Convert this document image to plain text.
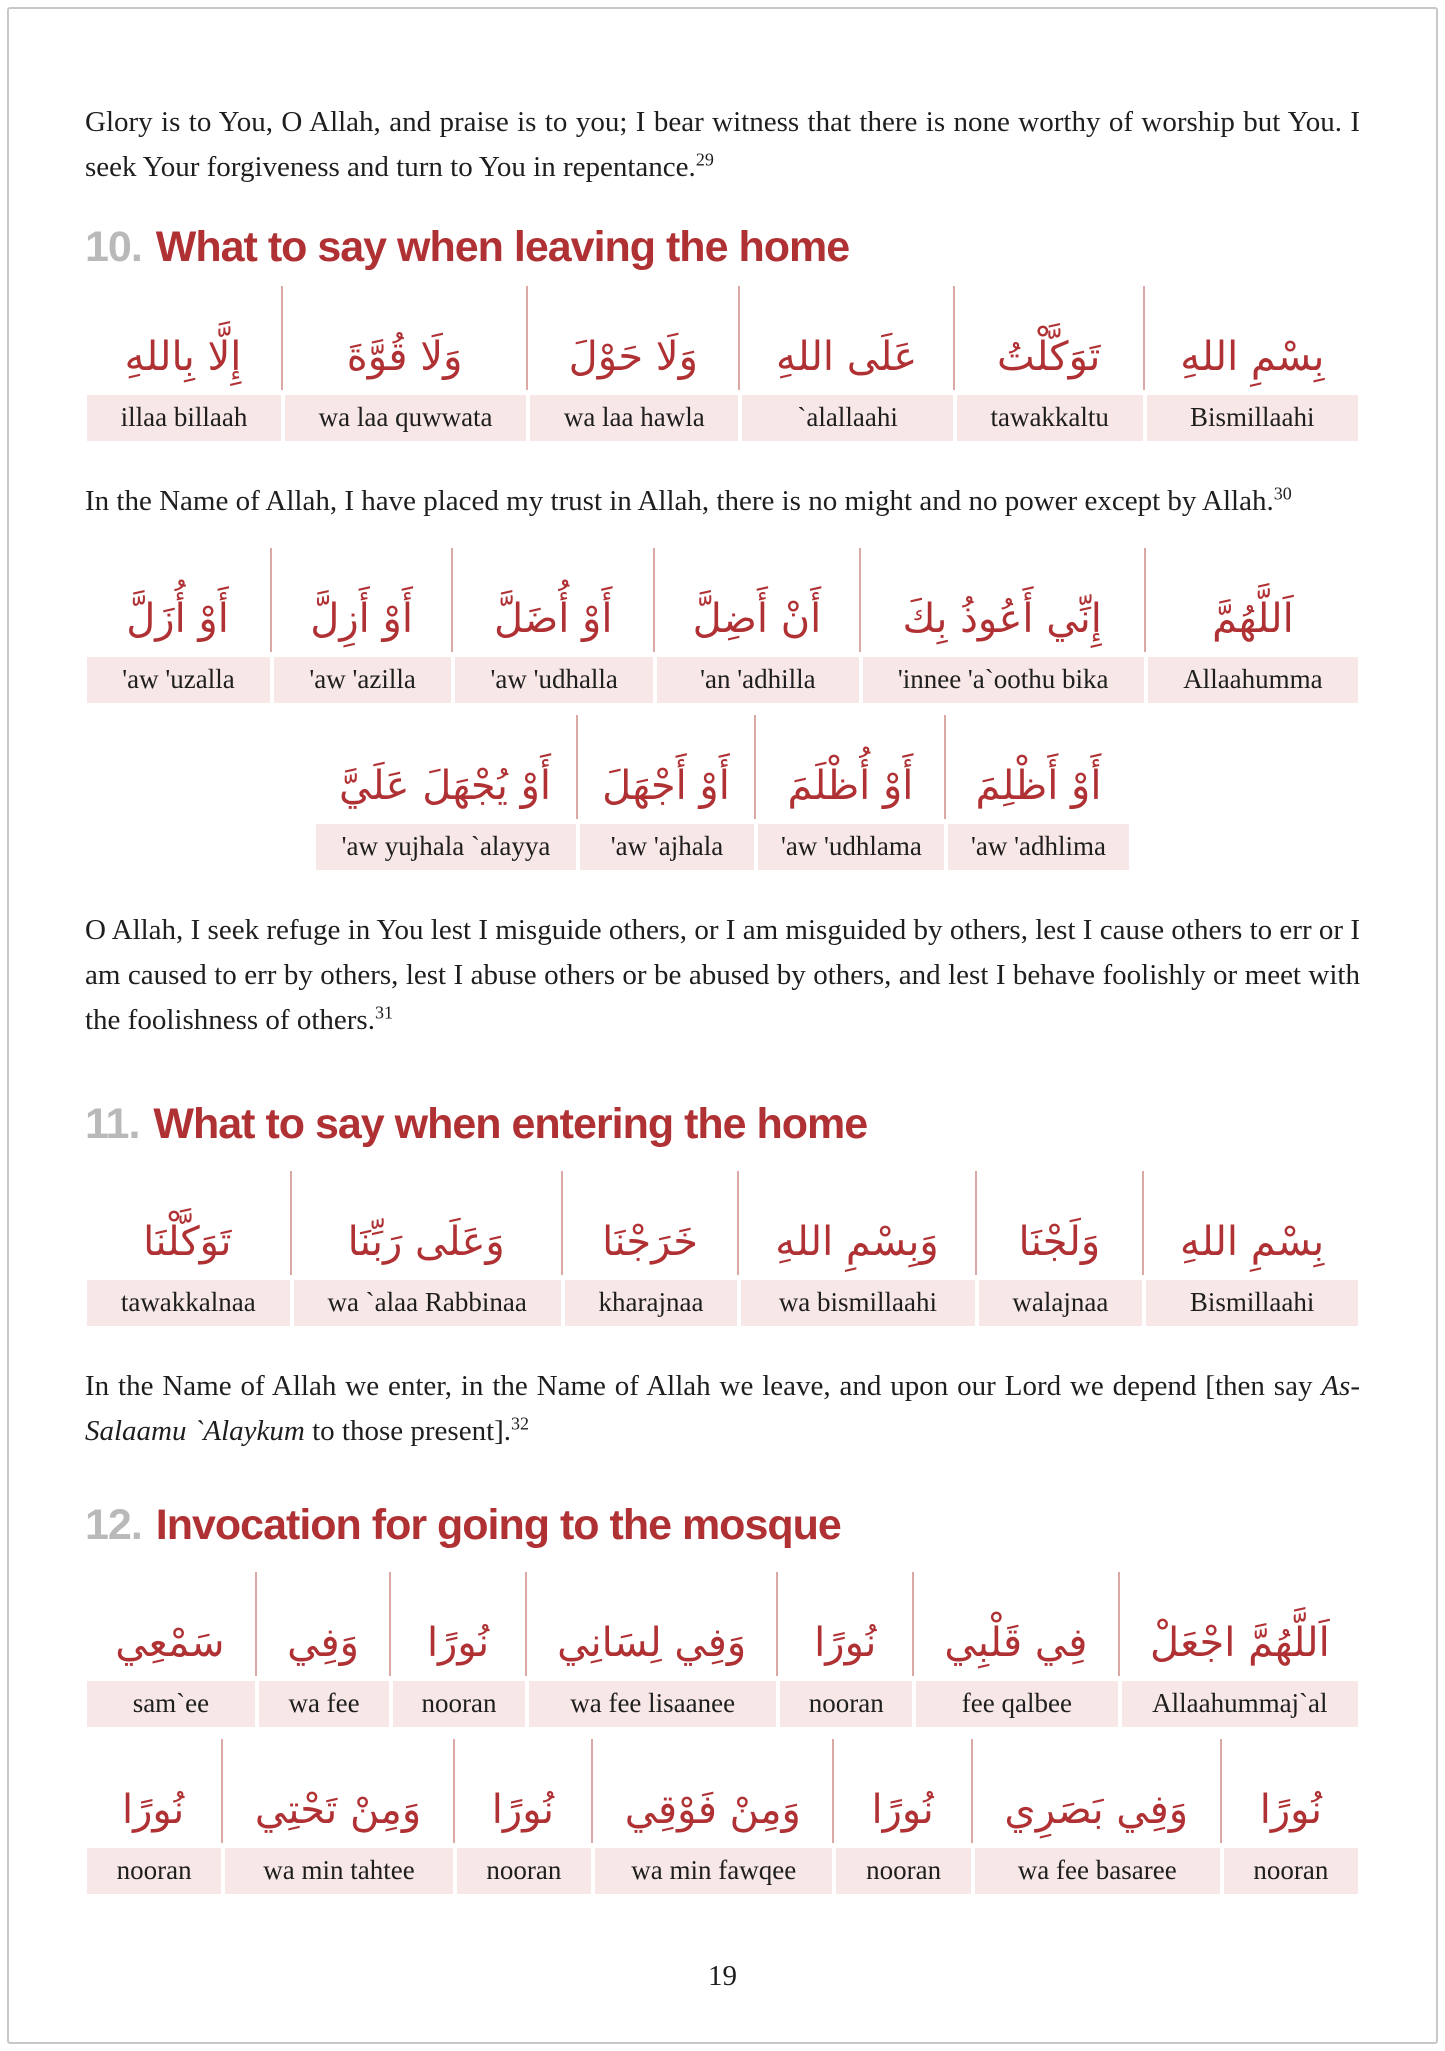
Glory is to You, O Allah, and praise is to you; I bear witness that there is none worthy of worship but You. I seek Your forgiveness and turn to You in repentance.$^{29}$

10. What to say when leaving the home
بِسْمِ اللهِ
Bismillaahi
تَوَكَّلْتُ
tawakkaltu
عَلَى اللهِ
`alallaahi
وَلَا حَوْلَ
wa laa hawla
وَلَا قُوَّةَ
wa laa quwwata
إِلَّا بِاللهِ
illaa billaah

In the Name of Allah, I have placed my trust in Allah, there is no might and no power except by Allah.$^{30}$

اَللَّهُمَّ
Allaahumma
إِنِّي أَعُوذُ بِكَ
'innee 'a`oothu bika
أَنْ أَضِلَّ
'an 'adhilla
أَوْ أُضَلَّ
'aw 'udhalla
أَوْ أَزِلَّ
'aw 'azilla
أَوْ أُزَلَّ
'aw 'uzalla
أَوْ أَظْلِمَ
'aw 'adhlima
أَوْ أُظْلَمَ
'aw 'udhlama
أَوْ أَجْهَلَ
'aw 'ajhala
أَوْ يُجْهَلَ عَلَيَّ
'aw yujhala `alayya

O Allah, I seek refuge in You lest I misguide others, or I am misguided by others, lest I cause others to err or I am caused to err by others, lest I abuse others or be abused by others, and lest I behave foolishly or meet with the foolishness of others.$^{31}$

11. What to say when entering the home
بِسْمِ اللهِ
Bismillaahi
وَلَجْنَا
walajnaa
وَبِسْمِ اللهِ
wa bismillaahi
خَرَجْنَا
kharajnaa
وَعَلَى رَبِّنَا
wa `alaa Rabbinaa
تَوَكَّلْنَا
tawakkalnaa

In the Name of Allah we enter, in the Name of Allah we leave, and upon our Lord we depend [then say As-Salaamu `Alaykum to those present].$^{32}$

12. Invocation for going to the mosque
اَللَّهُمَّ اجْعَلْ
Allaahummaj`al
فِي قَلْبِي
fee qalbee
نُورًا
nooran
وَفِي لِسَانِي
wa fee lisaanee
نُورًا
nooran
وَفِي
wa fee
سَمْعِي
sam`ee
نُورًا
nooran
وَفِي بَصَرِي
wa fee basaree
نُورًا
nooran
وَمِنْ فَوْقِي
wa min fawqee
نُورًا
nooran
وَمِنْ تَحْتِي
wa min tahtee
نُورًا
nooran
19
